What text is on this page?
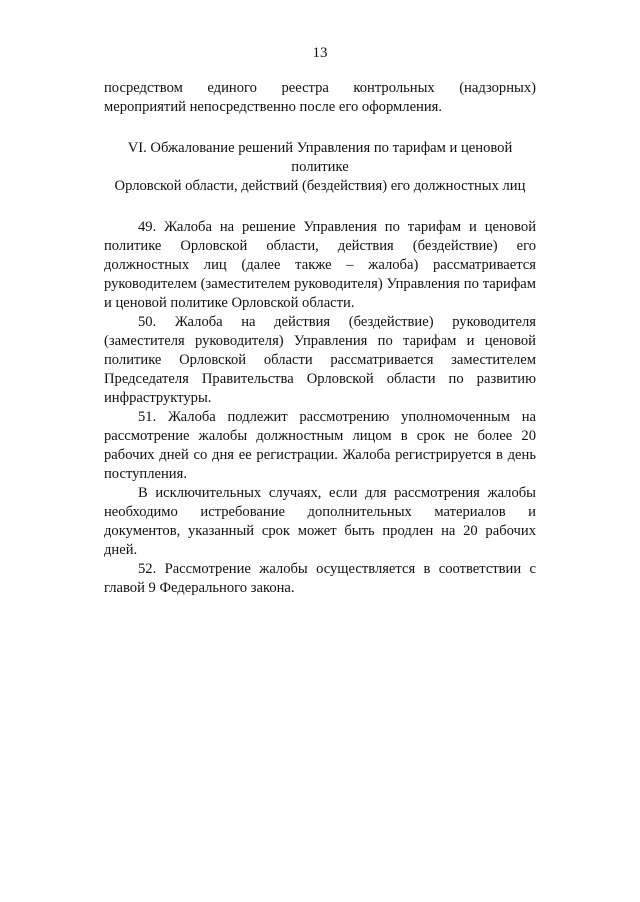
13

посредством единого реестра контрольных (надзорных) мероприятий непосредственно после его оформления.

VI. Обжалование решений Управления по тарифам и ценовой политике
Орловской области, действий (бездействия) его должностных лиц

49. Жалоба на решение Управления по тарифам и ценовой политике Орловской области, действия (бездействие) его должностных лиц (далее также – жалоба) рассматривается руководителем (заместителем руководителя) Управления по тарифам и ценовой политике Орловской области.

50. Жалоба на действия (бездействие) руководителя (заместителя руководителя) Управления по тарифам и ценовой политике Орловской области рассматривается заместителем Председателя Правительства Орловской области по развитию инфраструктуры.

51. Жалоба подлежит рассмотрению уполномоченным на рассмотрение жалобы должностным лицом в срок не более 20 рабочих дней со дня ее регистрации. Жалоба регистрируется в день поступления.

В исключительных случаях, если для рассмотрения жалобы необходимо истребование дополнительных материалов и документов, указанный срок может быть продлен на 20 рабочих дней.

52. Рассмотрение жалобы осуществляется в соответствии с главой 9 Федерального закона.
